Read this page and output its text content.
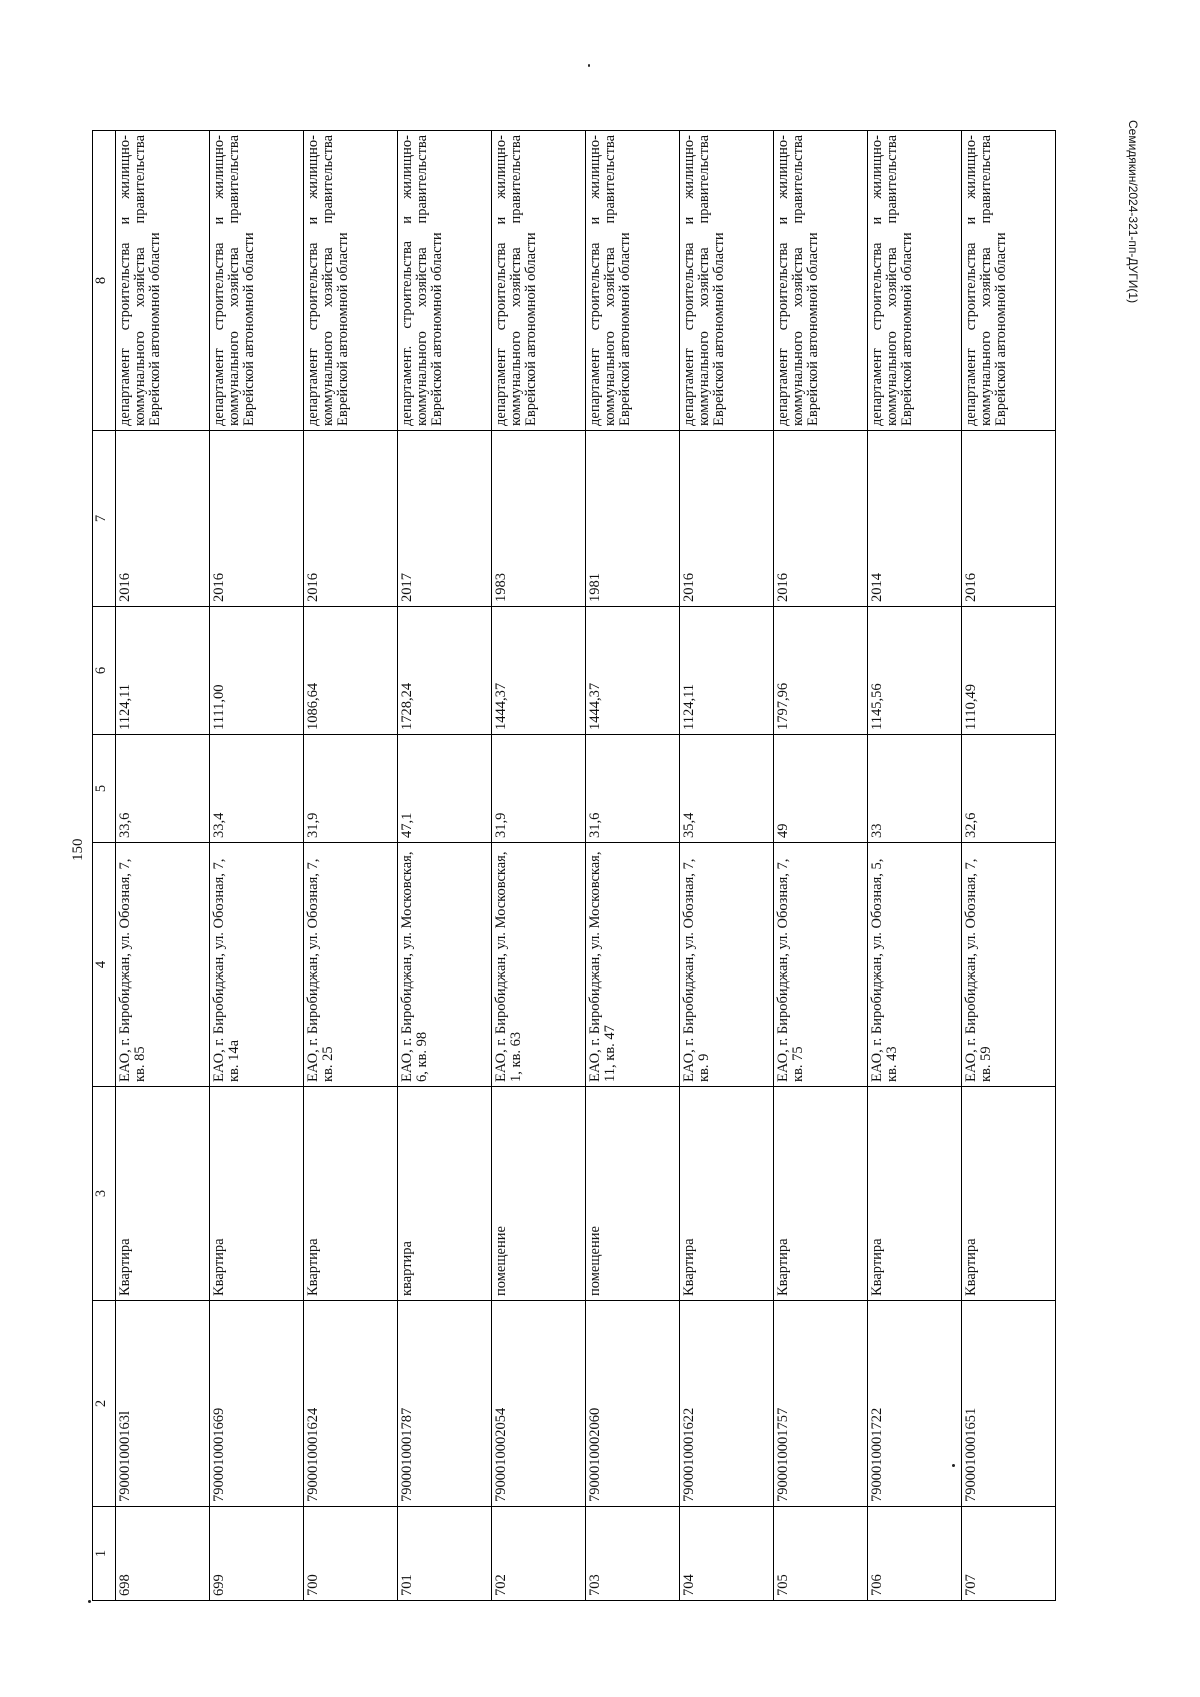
150
1	2	3	4	5	6	7	8
698	790001000163l	Квартира	ЕАО, г. Биробиджан, ул. Обозная, 7, кв. 85	33,6	1124,11	2016	департамент строительства и жилищно-коммунального хозяйства правительства Еврейской автономной области
699	7900010001669	Квартира	ЕАО, г. Биробиджан, ул. Обозная, 7, кв. 14а	33,4	1111,00	2016	департамент строительства и жилищно-коммунального хозяйства правительства Еврейской автономной области
700	7900010001624	Квартира	ЕАО, г. Биробиджан, ул. Обозная, 7, кв. 25	31,9	1086,64	2016	департамент строительства и жилищно-коммунального хозяйства правительства Еврейской автономной области
701	7900010001787	квартира	ЕАО, г. Биробиджан, ул. Московская, 6, кв. 98	47,1	1728,24	2017	департамент. строительства и жилищно-коммунального хозяйства правительства Еврейской автономной области
702	7900010002054	помещение	ЕАО, г. Биробиджан, ул. Московская, 1, кв. 63	31,9	1444,37	1983	департамент строительства и жилищно-коммунального хозяйства правительства Еврейской автономной области
703	7900010002060	помещение	ЕАО, г. Биробиджан, ул. Московская, 11, кв. 47	31,6	1444,37	1981	департамент строительства и жилищно-коммунального хозяйства правительства Еврейской автономной области
704	7900010001622	Квартира	ЕАО, г. Биробиджан, ул. Обозная, 7, кв. 9	35,4	1124,11	2016	департамент строительства и жилищно-коммунального хозяйства правительства Еврейской автономной области
705	7900010001757	Квартира	ЕАО, г. Биробиджан, ул. Обозная, 7, кв. 75	49	1797,96	2016	департамент строительства и жилищно-коммунального хозяйства правительства Еврейской автономной области
706	7900010001722	Квартира	ЕАО, г. Биробиджан, ул. Обозная, 5, кв. 43	33	1145,56	2014	департамент строительства и жилищно-коммунального хозяйства правительства Еврейской автономной области
707	7900010001651	Квартира	ЕАО, г. Биробиджан, ул. Обозная, 7, кв. 59	32,6	1110,49	2016	департамент строительства и жилищно-коммунального хозяйства правительства Еврейской автономной области
Семидякин/2024-321-пп-ДУГИ(1)
